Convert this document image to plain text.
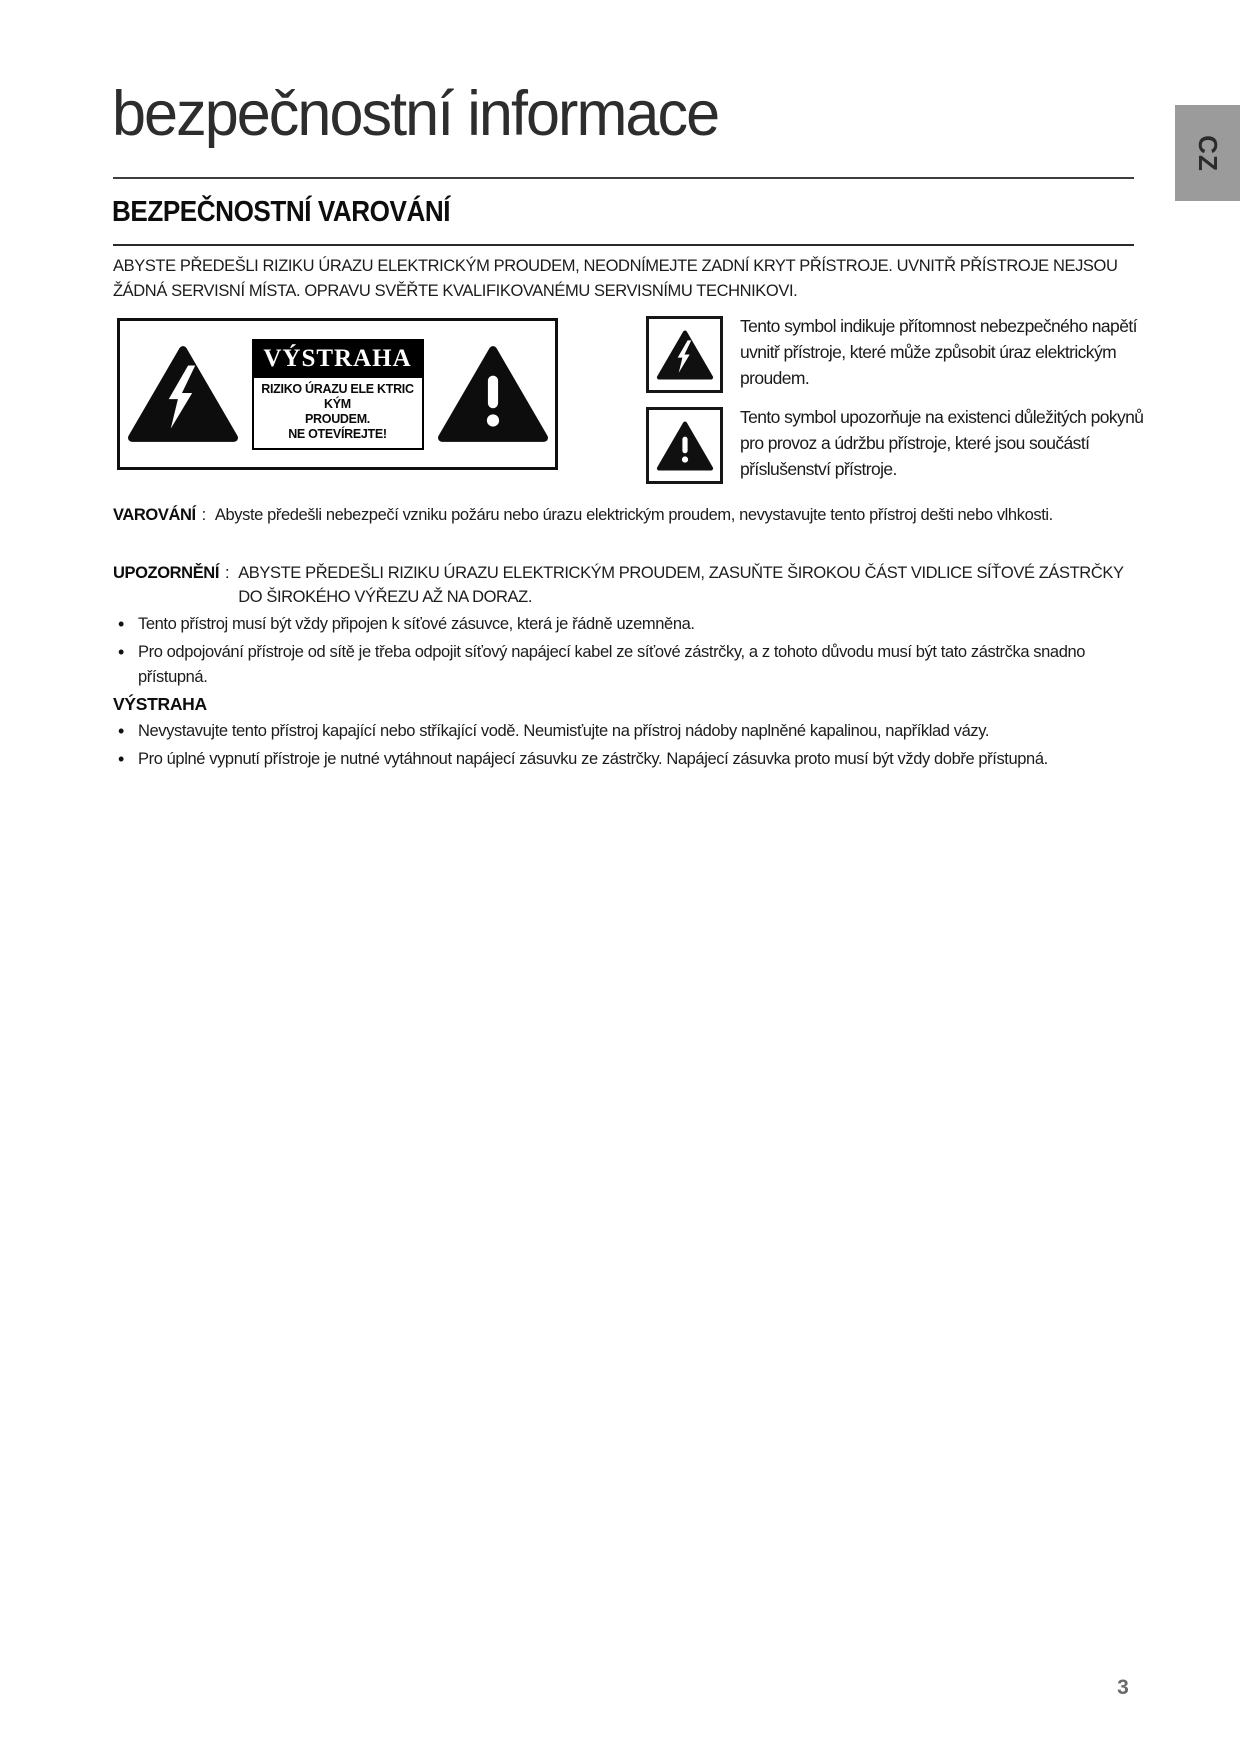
CZ
bezpečnostní informace
BEZPEČNOSTNÍ VAROVÁNÍ

ABYSTE PŘEDEŠLI RIZIKU ÚRAZU ELEKTRICKÝM PROUDEM, NEODNÍMEJTE ZADNÍ KRYT PŘÍSTROJE. UVNITŘ PŘÍSTROJE NEJSOU ŽÁDNÁ SERVISNÍ MÍSTA. OPRAVU SVĚŘTE KVALIFIKOVANÉMU SERVISNÍMU TECHNIKOVI.

VÝSTRAHA
RIZIKO ÚRAZU ELE KTRIC KÝM
PROUDEM.
NE OTEVÍREJTE!

Tento symbol indikuje přítomnost nebezpečného napětí uvnitř přístroje, které může způsobit úraz elektrickým proudem.

Tento symbol upozorňuje na existenci důležitých pokynů pro provoz a údržbu přístroje, které jsou součástí příslušenství přístroje.

VAROVÁNÍ : Abyste předešli nebezpečí vzniku požáru nebo úrazu elektrickým proudem, nevystavujte tento přístroj dešti nebo vlhkosti.
UPOZORNĚNÍ : ABYSTE PŘEDEŠLI RIZIKU ÚRAZU ELEKTRICKÝM PROUDEM, ZASUŇTE ŠIROKOU ČÁST VIDLICE SÍŤOVÉ ZÁSTRČKY DO ŠIROKÉHO VÝŘEZU AŽ NA DORAZ.
• Tento přístroj musí být vždy připojen k síťové zásuvce, která je řádně uzemněna.
• Pro odpojování přístroje od sítě je třeba odpojit síťový napájecí kabel ze síťové zástrčky, a z tohoto důvodu musí být tato zástrčka snadno přístupná.
VÝSTRAHA
• Nevystavujte tento přístroj kapající nebo stříkající vodě. Neumisťujte na přístroj nádoby naplněné kapalinou, například vázy.
• Pro úplné vypnutí přístroje je nutné vytáhnout napájecí zásuvku ze zástrčky. Napájecí zásuvka proto musí být vždy dobře přístupná.
3
